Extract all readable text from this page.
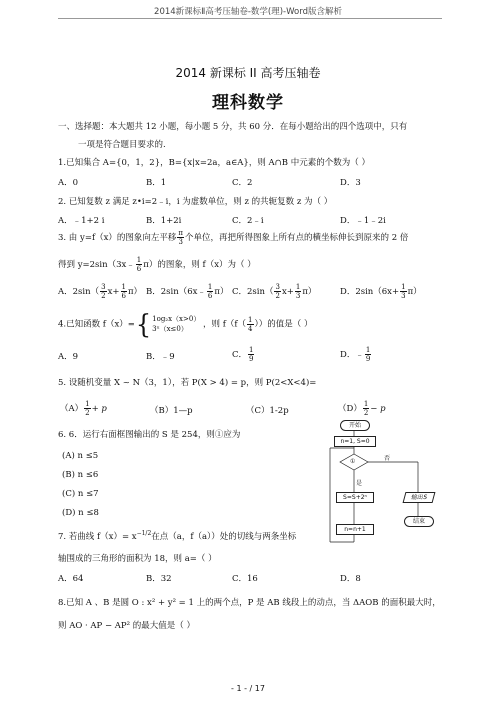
2014新课标Ⅱ高考压轴卷-数学(理)-Word版含解析
2014 新课标 II 高考压轴卷
理科数学
一、选择题：本大题共 12 小题，每小题 5 分，共 60 分．在每小题给出的四个选项中，只有
一项是符合题目要求的.
1.已知集合 A={0，1，2}，B={x|x=2a，a∈A}，则 A∩B 中元素的个数为（ ）
A．0	B．1	C．2	D．3
2. 已知复数 z 满足 z•i=2﹣i，i 为虚数单位，则 z 的共轭复数 z 为（ ）
A．﹣1+2 i	B．1+2i	C．2﹣i	D．﹣1﹣2i
3. 由 y=f（x）的图象向左平移 $\frac{\pi}{3}$ 个单位，再把所得图象上所有点的横坐标伸长到原来的 2 倍
得到 y=2sin（3x﹣ $\frac{1}{6} \pi$）的图象，则 f（x）为（ ）
A．$2\sin( \frac{3}{2} x+ \frac{1}{6} \pi)$ B．2sin（6x﹣ $\frac{1}{6} \pi$） C．$2\sin( \frac{3}{2} x+ \frac{1}{3} \pi)$	D．$2\sin(6x+ \frac{1}{3} \pi)$
4.已知函数 f（x）={ 1og₂x（x>0）
3ˣ（x≤0）	，则 $f(f( \frac{1}{4}$ ））的值是（ ）
A．9	B．﹣9	C． $\frac{1}{9}$	D．﹣ $\frac{1}{9}$
5. 设随机变量 X ~ N（3，1），若 P(X > 4) = p，则 P(2<X<4)=
$(A) \frac{1}{2} + p$	（B）1—p	（C）1-2p	$(D) \frac{1}{2} - p$
6. 6．运行右面框图输出的 S 是 254，则①应为
(A) n ≤5
(B) n ≤6
(C) n ≤7
(D) n ≤8
开始
n=1, S=0
①	否
是
输出S
结束
S=S+2ⁿ
n=n+1
7. 若曲线 $f(x)= x^{-1/2}$在点（a，f（a））处的切线与两条坐标
轴围成的三角形的面积为 18，则 a=（ ）
A．64	B．32	C．16	D．8
8.已知 A 、B 是圆 O : x² + y² = 1 上的两个点，P 是 AB 线段上的动点，当 ΔAOB 的面积最大时，
则 AO · AP − AP² 的最大值是（ ）
- 1 - / 17
